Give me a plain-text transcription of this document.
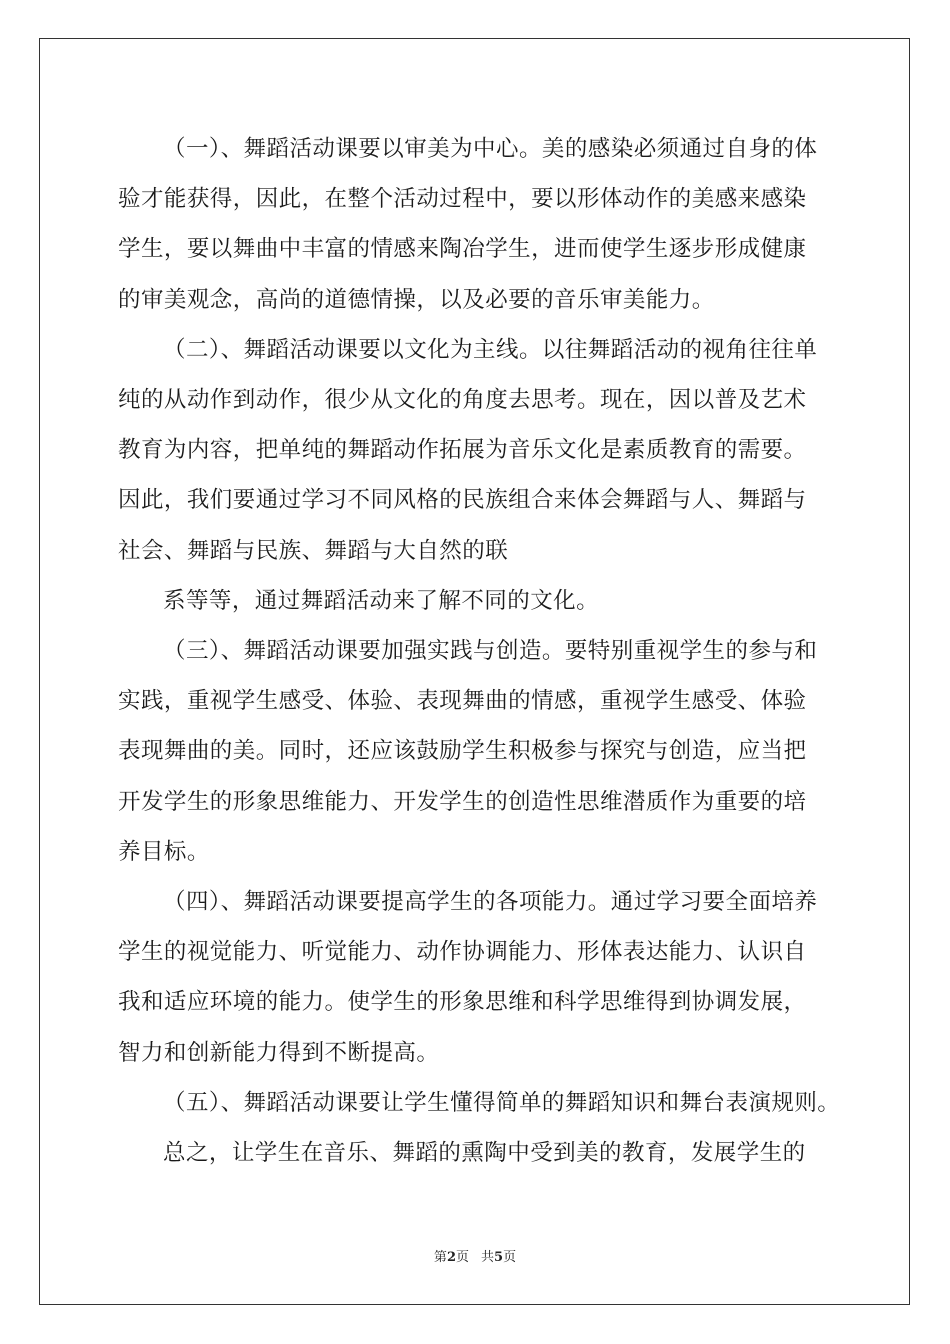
（一）、舞蹈活动课要以审美为中心。美的感染必须通过自身的体
验才能获得，因此，在整个活动过程中，要以形体动作的美感来感染
学生，要以舞曲中丰富的情感来陶冶学生，进而使学生逐步形成健康
的审美观念，高尚的道德情操，以及必要的音乐审美能力。

（二）、舞蹈活动课要以文化为主线。以往舞蹈活动的视角往往单
纯的从动作到动作，很少从文化的角度去思考。现在，因以普及艺术
教育为内容，把单纯的舞蹈动作拓展为音乐文化是素质教育的需要。
因此，我们要通过学习不同风格的民族组合来体会舞蹈与人、舞蹈与
社会、舞蹈与民族、舞蹈与大自然的联

系等等，通过舞蹈活动来了解不同的文化。

（三）、舞蹈活动课要加强实践与创造。要特别重视学生的参与和
实践，重视学生感受、体验、表现舞曲的情感，重视学生感受、体验
表现舞曲的美。同时，还应该鼓励学生积极参与探究与创造，应当把
开发学生的形象思维能力、开发学生的创造性思维潜质作为重要的培
养目标。

（四）、舞蹈活动课要提高学生的各项能力。通过学习要全面培养
学生的视觉能力、听觉能力、动作协调能力、形体表达能力、认识自
我和适应环境的能力。使学生的形象思维和科学思维得到协调发展，
智力和创新能力得到不断提高。

（五）、舞蹈活动课要让学生懂得简单的舞蹈知识和舞台表演规则。

总之，让学生在音乐、舞蹈的熏陶中受到美的教育，发展学生的

第2页 共5页
